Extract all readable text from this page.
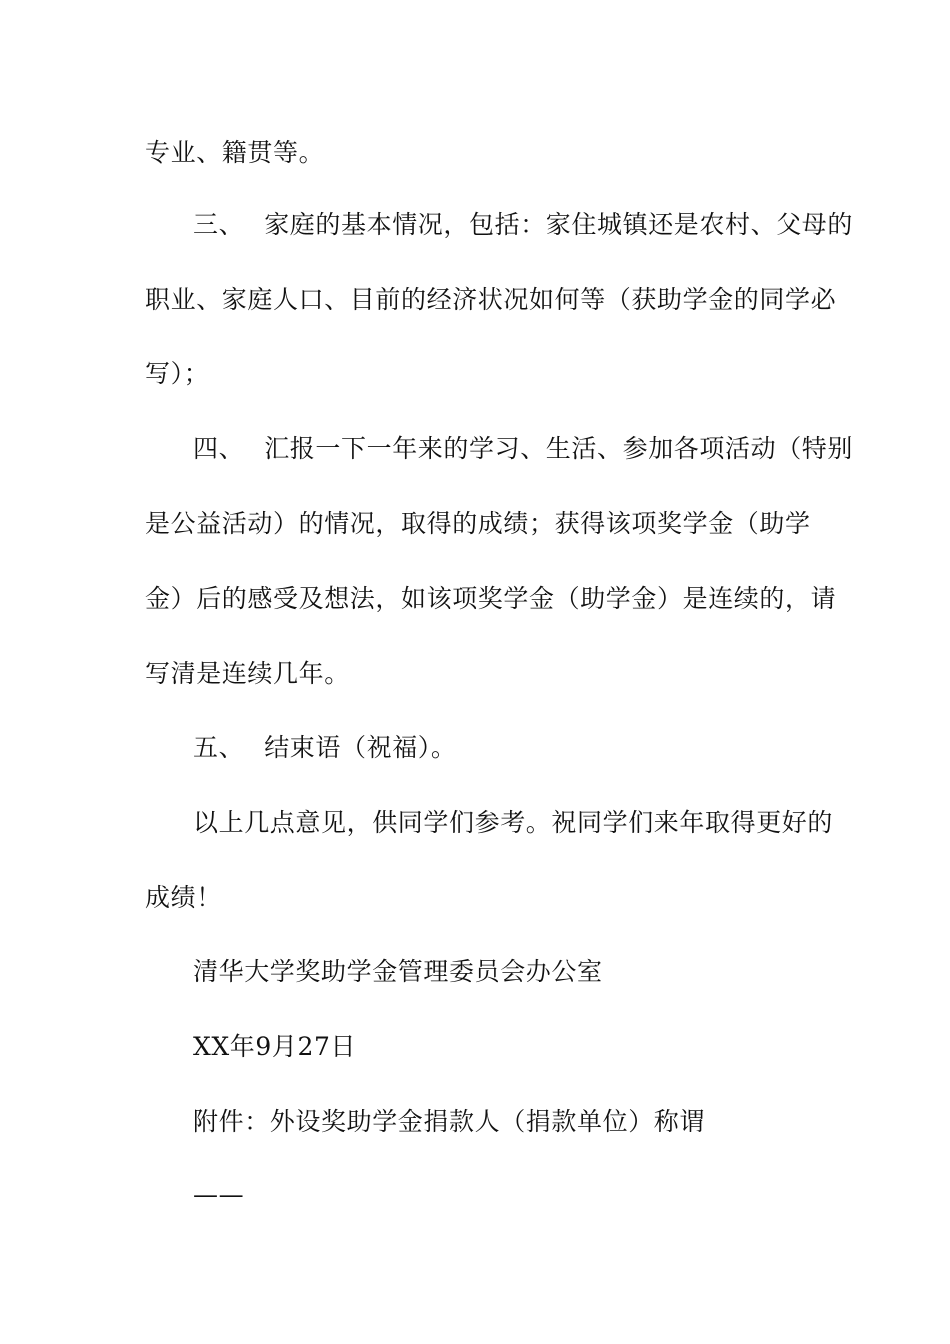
专业、籍贯等。
三、 家庭的基本情况，包括：家住城镇还是农村、父母的
职业、家庭人口、目前的经济状况如何等（获助学金的同学必
写）；
四、 汇报一下一年来的学习、生活、参加各项活动（特别
是公益活动）的情况，取得的成绩；获得该项奖学金（助学
金）后的感受及想法，如该项奖学金（助学金）是连续的，请
写清是连续几年。
五、 结束语（祝福）。
以上几点意见，供同学们参考。祝同学们来年取得更好的
成绩！
清华大学奖助学金管理委员会办公室
XX年9月27日
附件：外设奖助学金捐款人（捐款单位）称谓
——
